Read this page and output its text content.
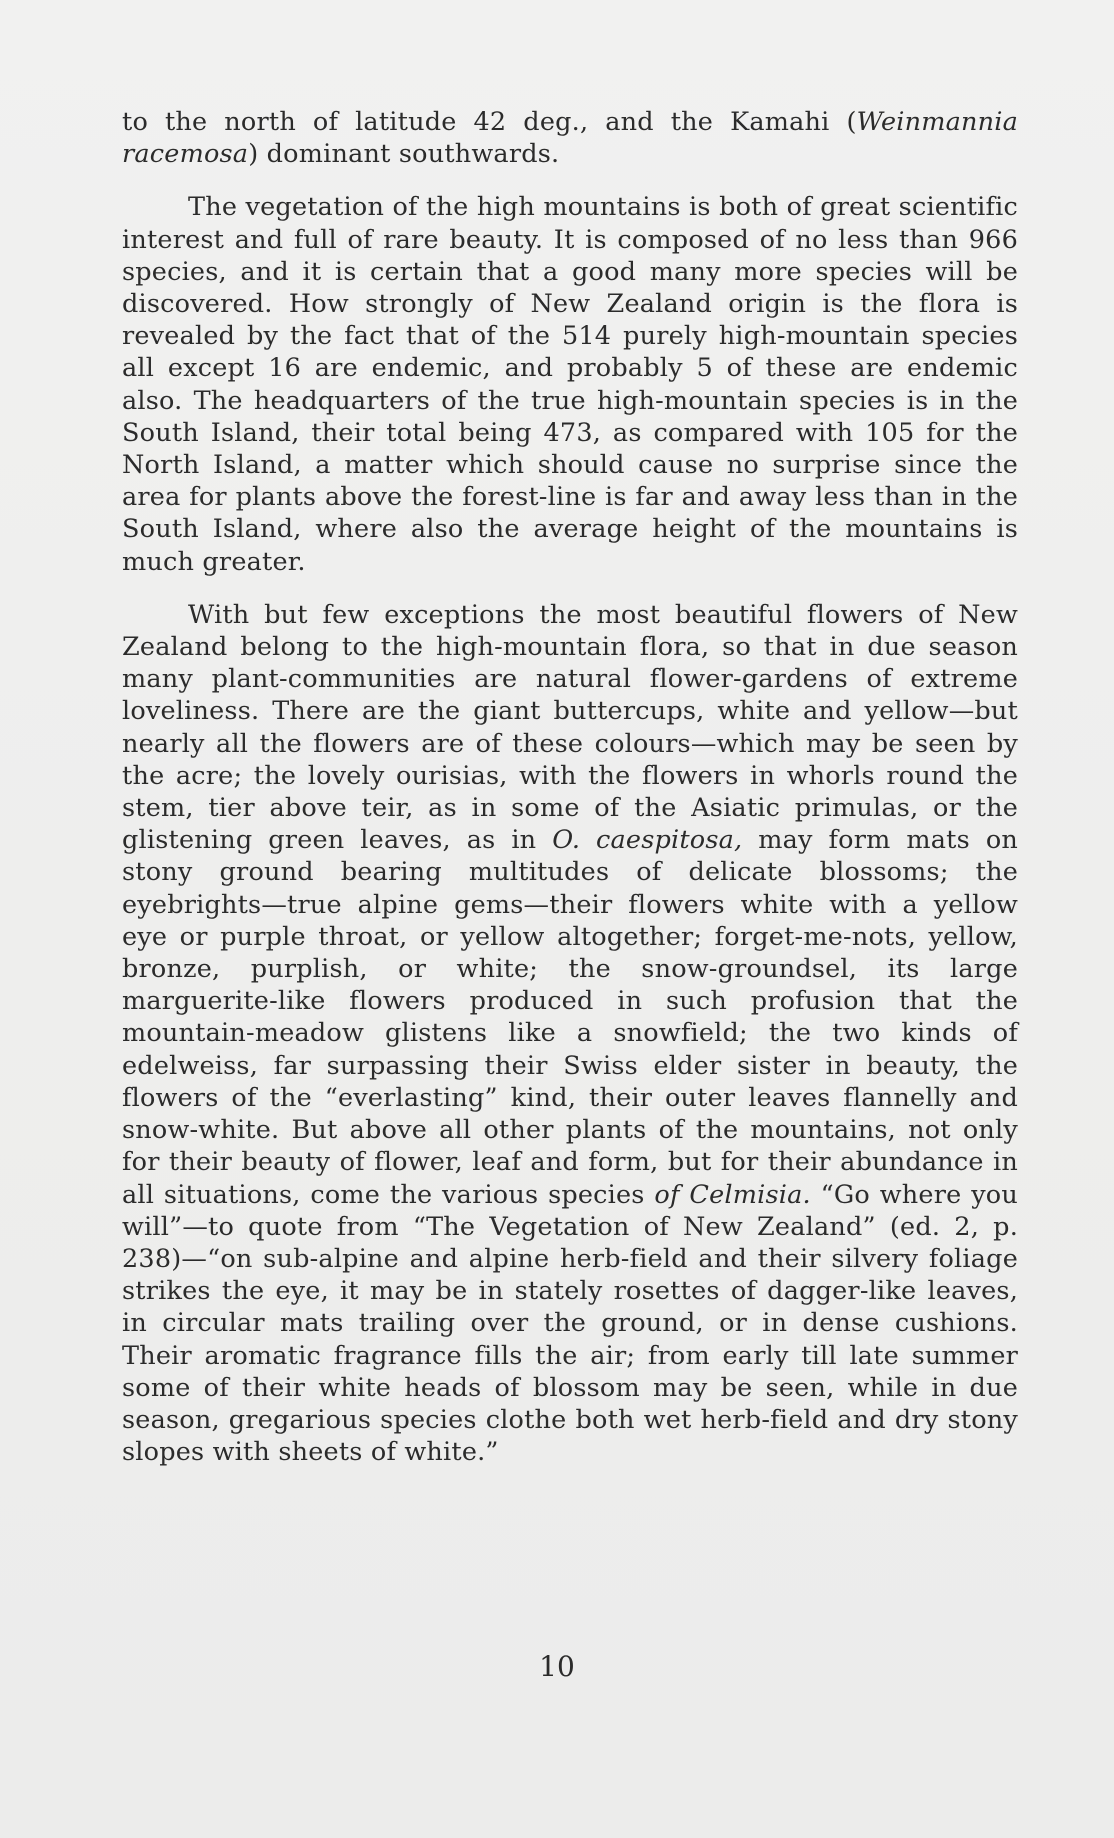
to the north of latitude 42 deg., and the Kamahi (Weinmannia racemosa) dominant southwards.

The vegetation of the high mountains is both of great scientific interest and full of rare beauty. It is composed of no less than 966 species, and it is certain that a good many more species will be discovered. How strongly of New Zealand origin is the flora is revealed by the fact that of the 514 purely high-mountain species all except 16 are endemic, and probably 5 of these are endemic also. The headquarters of the true high-mountain species is in the South Island, their total being 473, as compared with 105 for the North Island, a matter which should cause no surprise since the area for plants above the forest-line is far and away less than in the South Island, where also the average height of the mountains is much greater.

With but few exceptions the most beautiful flowers of New Zealand belong to the high-mountain flora, so that in due season many plant-communities are natural flower-gardens of extreme loveliness. There are the giant buttercups, white and yellow—but nearly all the flowers are of these colours—which may be seen by the acre; the lovely ourisias, with the flowers in whorls round the stem, tier above teir, as in some of the Asiatic primulas, or the glistening green leaves, as in O. caespitosa, may form mats on stony ground bearing multitudes of delicate blossoms; the eyebrights—true alpine gems—their flowers white with a yellow eye or purple throat, or yellow altogether; forget-me-nots, yellow, bronze, purplish, or white; the snow-groundsel, its large marguerite-like flowers produced in such profusion that the mountain-meadow glistens like a snowfield; the two kinds of edelweiss, far surpassing their Swiss elder sister in beauty, the flowers of the “everlasting” kind, their outer leaves flannelly and snow-white. But above all other plants of the mountains, not only for their beauty of flower, leaf and form, but for their abundance in all situations, come the various species of Celmisia. “Go where you will”—to quote from “The Vegetation of New Zealand” (ed. 2, p. 238)—“on sub-alpine and alpine herb-field and their silvery foliage strikes the eye, it may be in stately rosettes of dagger-like leaves, in circular mats trailing over the ground, or in dense cushions. Their aromatic fragrance fills the air; from early till late summer some of their white heads of blossom may be seen, while in due season, gregarious species clothe both wet herb-field and dry stony slopes with sheets of white.”

10
